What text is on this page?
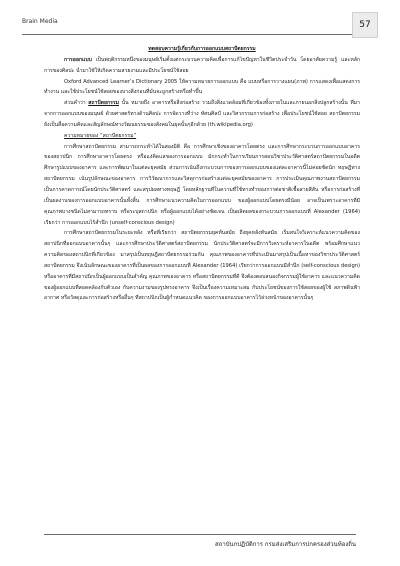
Brain Media	57

ทดสอบความรู้เกี่ยวกับการออกแบบสถาปัตยกรรม

การออกแบบ เป็นพฤติกรรมหนึ่งของมนุษย์เริ่มตั้งแต่กระบวนความคิดเพื่อการแก้ไขปัญหาในชีวิตประจำวัน โดยอาศัยความรู้ และหลักการของศิลปะ นำมาใช้ให้เกิดความสวยงามและมีประโยชน์ใช้สอย

Oxford Advanced Learner’s Dictionary 2005 ให้ความหมายการออกแบบ คือ แบบหรือการวางแผน(ภาพ) การแสดงเพื่อแสดงการทำงาน และใช้ประโยชน์ใช้สอยของบางสิ่งก่อนที่มันจะถูกสร้างหรือทำขึ้น

ส่วนคำว่า สถาปัตยกรรม นั้น หมายถึง อาคารหรือสิ่งก่อสร้าง รวมถึงสิ่งแวดล้อมที่เกี่ยวข้องทั้งภายในและภายนอกสิ่งปลูกสร้างนั้น ที่มาจากการออกแบบของมนุษย์ ด้วยศาสตร์ทางด้านศิลปะ การจัดวางที่ว่าง ทัศนศิลป์ และวิศวกรรมการก่อสร้าง เพื่อประโยชน์ใช้สอย สถาปัตยกรรมยังเป็นสื่อความคิดและสัญลักษณ์ทางวัฒนธรรมของสังคมในยุคนั้นๆอีกด้วย (th.wikipedia.org)

ความหมายของ “สถาปัตยกรรม”

การศึกษาสถาปัตยกรรม สามารถกระทำได้ในสองมิติ คือ การศึกษาเชิงของอาคารโดยตรง และการศึกษากระบวนการออกแบบอาคารของสถาปนิก การศึกษาอาคารโดยตรง หรือแง่คิดแลของการออกแบบ มักกระทำในการเรียนการสอนวิชาประวัติศาสตร์สถาปัตยกรรมในอดีต ศึกษารูปแบบของอาคาร และการพัฒนาในแต่ละยุคสมัย ส่วนการเน้นถึงกระบวนการของการออกแบบของแต่ละอาคารนี้ไม่ค่อยชัดนัก ทฤษฎีทางสถาปัตยกรรม เน้นรูปลักษณะของอาคาร การวิวัฒนาการและวิสดุการก่อสร้างแต่ละยุคสมัยของอาคาร การประเมินคุณภาพงานสถาปัตยกรรม เป็นการคาดการณ์โดยนักประวัติศาสตร์ และสรุปผลทางทฤษฎี โดยหลักฐานที่ในความที่ใช้ทางทำของการต่อชาติเชื้อสายสีสัน หรือการก่อสร้างที่เป็นผลงานของการออกแบบอาคารนั้นทั้งสิ้น การศึกษาแนวความคิดในการออกแบบ ของผู้ออกแบบโดยตรงมีน้อย อาจเป็นเพราะอาคารที่มีคุณภาพบางชนิดไม่สามารถทราบ หรือระบุสถาปนิก หรือผู้ออกแบบได้อย่างชัดเจน เป็นผลิตผลของกระบวนการออกแบบที่ Alexander (1964) เรียกว่า การออกแบบไร้สำนึก (unself-conscious design)

การศึกษาสถาปัตยกรรมในระยะหลัง หรือที่เรียกว่า สถาปัตยกรรมยุคทันสมัย ถึงยุคหลังทันสมัย เริ่มสนใจวิเคราะห์แนวความคิดของสถาปนิกที่ออกแบบอาคารนั้นๆ และการศึกษาประวัติศาสตร์สถาปัตยกรรม นักประวัติศาสตร์จะมีการวิเคราะห์อาคารในอดีต พร้อมศึกษาแนวความคิดของสถาปนิกที่เกี่ยวข้อง มาสรุปเป็นทฤษฎีสถาปัตยกรรมร่วมกัน คุณภาพของอาคารที่ประเมินมาสรุปเป็นเนื้อหาของวิชาประวัติศาสตร์สถาปัตยกรรม จึงเน้นลักษณะของอาคารที่เป็นผลของการออกแบบที่ Alexander (1964) เรียกว่าการออกแบบมีสำนึก (self-conscious design) หรืออาคารที่มีสถาปนิกเป็นผู้ออกแบบเป็นสำคัญ คุณภาพของอาคาร หรือสถาปัตยกรรมที่ดี จึงต้องตอบสนองกิจกรรมผู้ใช้อาคาร และแนวความคิดของผู้ออกแบบที่สอดคล้องกับตัวเอง กับความงามของรูปทรงอาคาร จึงเป็นเรื่องความเหมาะสม กับประโยชน์ของการใช้สอยของผู้ใช้ สภาพดินฟ้าอากาศ หรือวัสดุและการก่อสร้างหรืออื่นๆ ที่สถาปนิกเป็นผู้กำหนดแนวคิด ของการออกแบบอาคารไว้ล่วงหน้าของอาคารนั้นๆ

สถาบันกปฏิบัติการ กรมส่งเสริมการปกครองส่วนท้องถิ่น
